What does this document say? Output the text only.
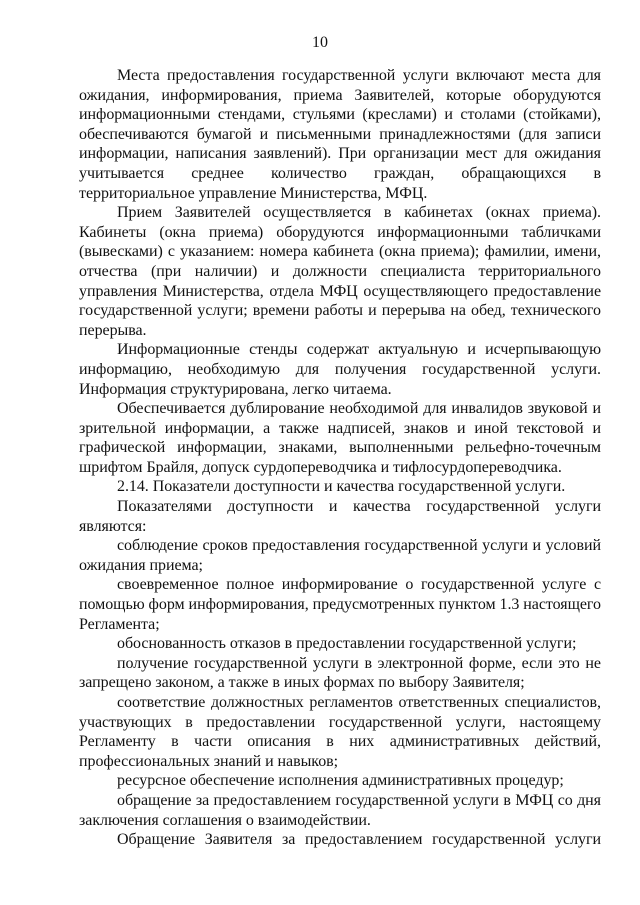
10

Места предоставления государственной услуги включают места для ожидания, информирования, приема Заявителей, которые оборудуются информационными стендами, стульями (креслами) и столами (стойками), обеспечиваются бумагой и письменными принадлежностями (для записи информации, написания заявлений). При организации мест для ожидания учитывается среднее количество граждан, обращающихся в территориальное управление Министерства, МФЦ.

Прием Заявителей осуществляется в кабинетах (окнах приема). Кабинеты (окна приема) оборудуются информационными табличками (вывесками) с указанием: номера кабинета (окна приема); фамилии, имени, отчества (при наличии) и должности специалиста территориального управления Министерства, отдела МФЦ осуществляющего предоставление государственной услуги; времени работы и перерыва на обед, технического перерыва.

Информационные стенды содержат актуальную и исчерпывающую информацию, необходимую для получения государственной услуги. Информация структурирована, легко читаема.

Обеспечивается дублирование необходимой для инвалидов звуковой и зрительной информации, а также надписей, знаков и иной текстовой и графической информации, знаками, выполненными рельефно-точечным шрифтом Брайля, допуск сурдопереводчика и тифлосурдопереводчика.

2.14. Показатели доступности и качества государственной услуги.

Показателями доступности и качества государственной услуги являются:

соблюдение сроков предоставления государственной услуги и условий ожидания приема;

своевременное полное информирование о государственной услуге с помощью форм информирования, предусмотренных пунктом 1.3 настоящего Регламента;

обоснованность отказов в предоставлении государственной услуги;

получение государственной услуги в электронной форме, если это не запрещено законом, а также в иных формах по выбору Заявителя;

соответствие должностных регламентов ответственных специалистов, участвующих в предоставлении государственной услуги, настоящему Регламенту в части описания в них административных действий, профессиональных знаний и навыков;

ресурсное обеспечение исполнения административных процедур;

обращение за предоставлением государственной услуги в МФЦ со дня заключения соглашения о взаимодействии.

Обращение Заявителя за предоставлением государственной услуги
